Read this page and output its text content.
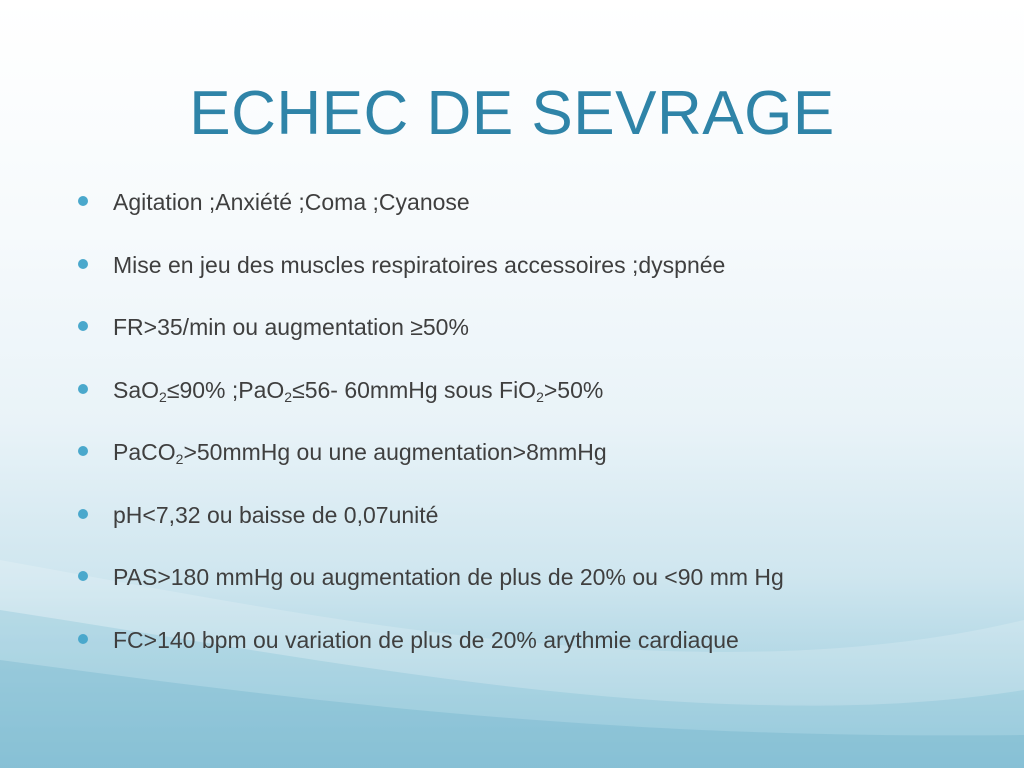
ECHEC DE SEVRAGE
Agitation ;Anxiété ;Coma ;Cyanose
Mise en jeu des muscles respiratoires accessoires ;dyspnée
FR>35/min ou augmentation ≥50%
SaO$_2$≤90% ;PaO$_2$≤56- 60mmHg sous FiO$_2$>50%
PaCO$_2$>50mmHg ou une augmentation>8mmHg
pH<7,32 ou baisse de 0,07unité
PAS>180 mmHg ou augmentation de plus de 20% ou <90 mm Hg
FC>140 bpm ou variation de plus de 20% arythmie cardiaque
